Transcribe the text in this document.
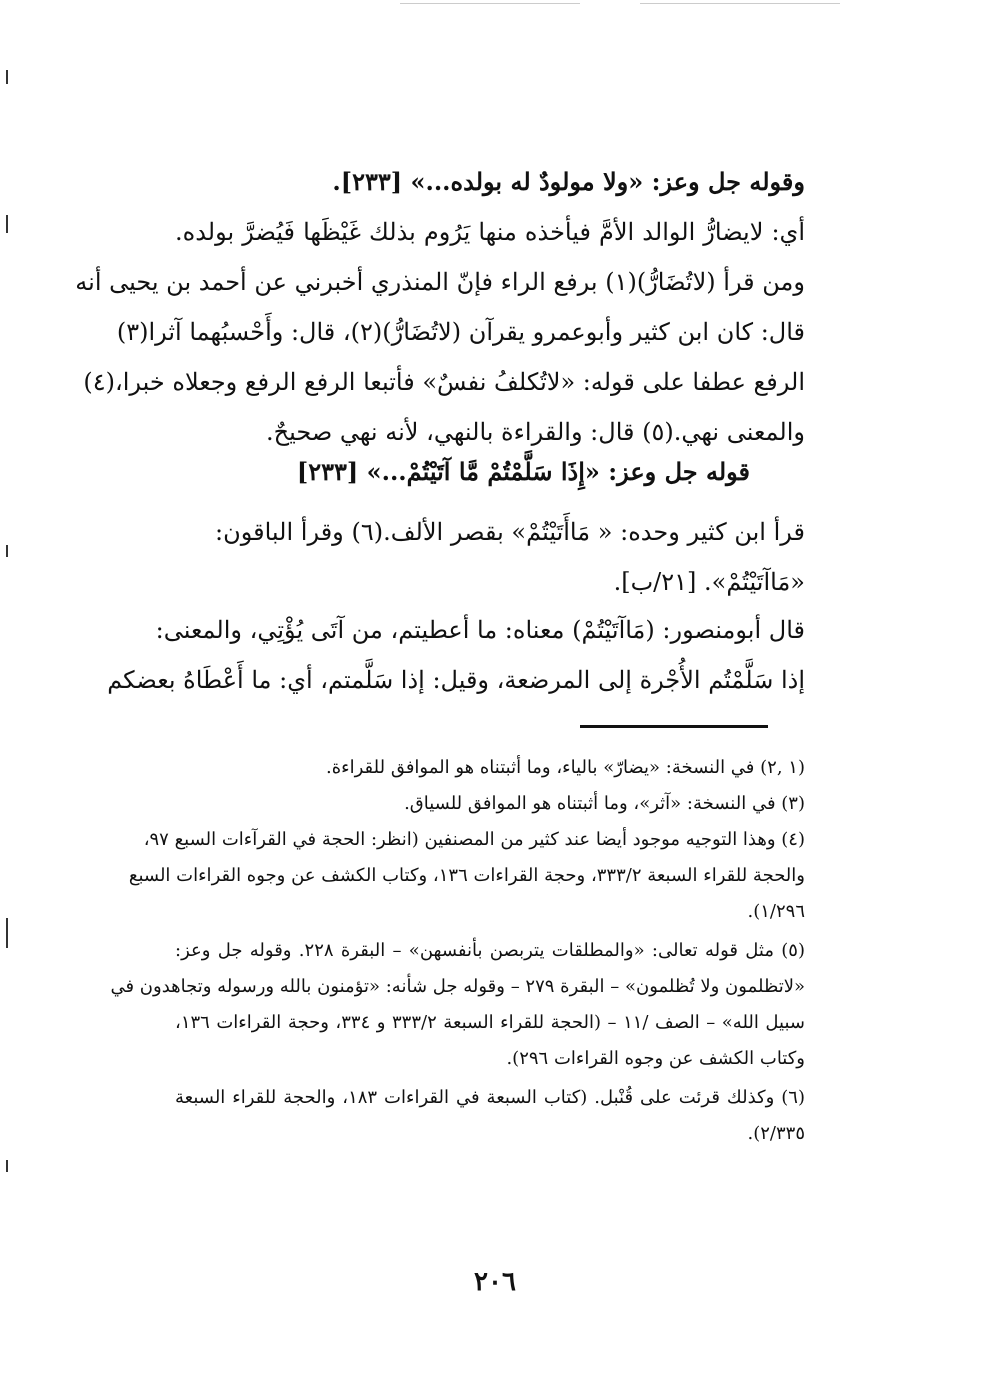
وقوله جل وعز: «ولا مولودٌ له بولده...» [٢٣٣].
أي: لايضارُّ الوالد الأمَّ فيأخذه منها يَرُوم بذلك غَيْظَها فَيُضرَّ بولده.
ومن قرأ (لاتُضَارُّ)(١) برفع الراء فإنّ المنذري أخبرني عن أحمد بن يحيى أنه
قال: كان ابن كثير وأبوعمرو يقرآن (لاتُضَارُّ)(٢)، قال: وأَحْسبُهما آثرا(٣)
الرفع عطفا على قوله: «لاتُكلفُ نفسٌ» فأتبعا الرفع الرفع وجعلاه خبرا،(٤)
والمعنى نهي.(٥) قال: والقراءة بالنهي، لأنه نهي صحيحٌ.
قوله جل وعز: «إِذَا سَلَّمْتُمْ مَّا آتَيْتُمْ...» [٢٣٣]
قرأ ابن كثير وحده: « مَاأَتَيْتُمْ» بقصر الألف.(٦) وقرأ الباقون:
«مَاآتَيْتُمْ». [٢١/ب].
قال أبومنصور: (مَاآتَيْتُمْ) معناه: ما أعطيتم، من آتَى يُؤْتِي، والمعنى:
إذا سَلَّمْتُم الأُجْرة إلى المرضعة، وقيل: إذا سَلَّمتم، أي: ما أَعْطَاهُ بعضكم
(١ ,٢) في النسخة: «يضارّ» بالياء، وما أثبتناه هو الموافق للقراءة.
(٣) في النسخة: «آثر»، وما أثبتناه هو الموافق للسياق.
(٤) وهذا التوجيه موجود أيضا عند كثير من المصنفين (انظر: الحجة في القرآءات السبع ٩٧،
والحجة للقراء السبعة ٣٣٣/٢، وحجة القراءات ١٣٦، وكتاب الكشف عن وجوه القراءات السبع
١/٢٩٦).
(٥) مثل قوله تعالى: «والمطلقات يتربصن بأنفسهن» – البقرة ٢٢٨. وقوله جل وعز:
«لاتظلمون ولا تُظلمون» – البقرة ٢٧٩ – وقوله جل شأنه: «تؤمنون بالله ورسوله وتجاهدون في
سبيل الله» – الصف /١١ – (الحجة للقراء السبعة ٣٣٣/٢ و ٣٣٤، وحجة القراءات ١٣٦،
وكتاب الكشف عن وجوه القراءات ٢٩٦).
(٦) وكذلك قرئت على قُنْبل. (كتاب السبعة في القراءات ١٨٣، والحجة للقراء السبعة
٢/٣٣٥).
٢٠٦
